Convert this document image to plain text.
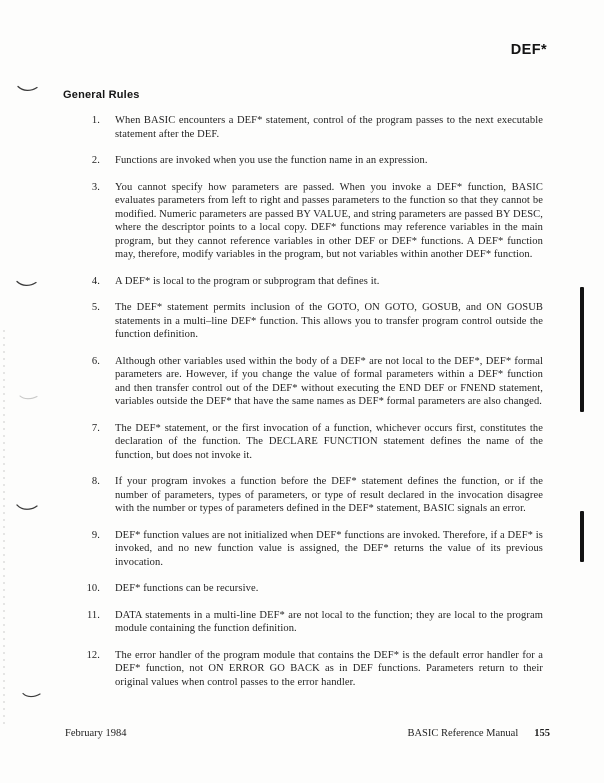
DEF*
General Rules
1. When BASIC encounters a DEF* statement, control of the program passes to the next executable statement after the DEF.
2. Functions are invoked when you use the function name in an expression.
3. You cannot specify how parameters are passed. When you invoke a DEF* function, BASIC evaluates parameters from left to right and passes parameters to the function so that they cannot be modified. Numeric parameters are passed BY VALUE, and string parameters are passed BY DESC, where the descriptor points to a local copy. DEF* functions may reference variables in the main program, but they cannot reference variables in other DEF or DEF* functions. A DEF* function may, therefore, modify variables in the program, but not variables within another DEF* function.
4. A DEF* is local to the program or subprogram that defines it.
5. The DEF* statement permits inclusion of the GOTO, ON GOTO, GOSUB, and ON GOSUB statements in a multi–line DEF* function. This allows you to transfer program control outside the function definition.
6. Although other variables used within the body of a DEF* are not local to the DEF*, DEF* formal parameters are. However, if you change the value of formal parameters within a DEF* function and then transfer control out of the DEF* without executing the END DEF or FNEND statement, variables outside the DEF* that have the same names as DEF* formal parameters are also changed.
7. The DEF* statement, or the first invocation of a function, whichever occurs first, constitutes the declaration of the function. The DECLARE FUNCTION statement defines the name of the function, but does not invoke it.
8. If your program invokes a function before the DEF* statement defines the function, or if the number of parameters, types of parameters, or type of result declared in the invocation disagree with the number or types of parameters defined in the DEF* statement, BASIC signals an error.
9. DEF* function values are not initialized when DEF* functions are invoked. Therefore, if a DEF* is invoked, and no new function value is assigned, the DEF* returns the value of its previous invocation.
10. DEF* functions can be recursive.
11. DATA statements in a multi-line DEF* are not local to the function; they are local to the program module containing the function definition.
12. The error handler of the program module that contains the DEF* is the default error handler for a DEF* function, not ON ERROR GO BACK as in DEF functions. Parameters return to their original values when control passes to the error handler.
February 1984	BASIC Reference Manual 155
